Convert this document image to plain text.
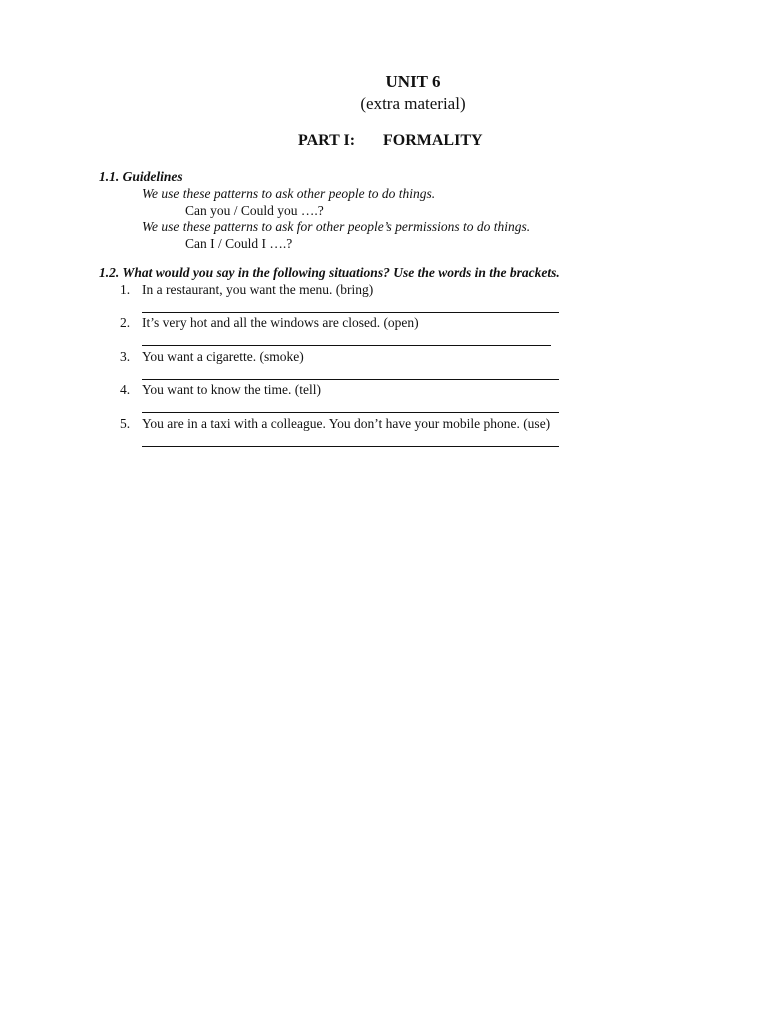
UNIT 6
(extra material)
PART I: FORMALITY
1.1. Guidelines
We use these patterns to ask other people to do things.
Can you / Could you ….?
We use these patterns to ask for other people’s permissions to do things.
Can I / Could I ….?
1.2. What would you say in the following situations? Use the words in the brackets.
1. In a restaurant, you want the menu. (bring)
2. It’s very hot and all the windows are closed. (open)
3. You want a cigarette. (smoke)
4. You want to know the time. (tell)
5. You are in a taxi with a colleague. You don’t have your mobile phone. (use)
